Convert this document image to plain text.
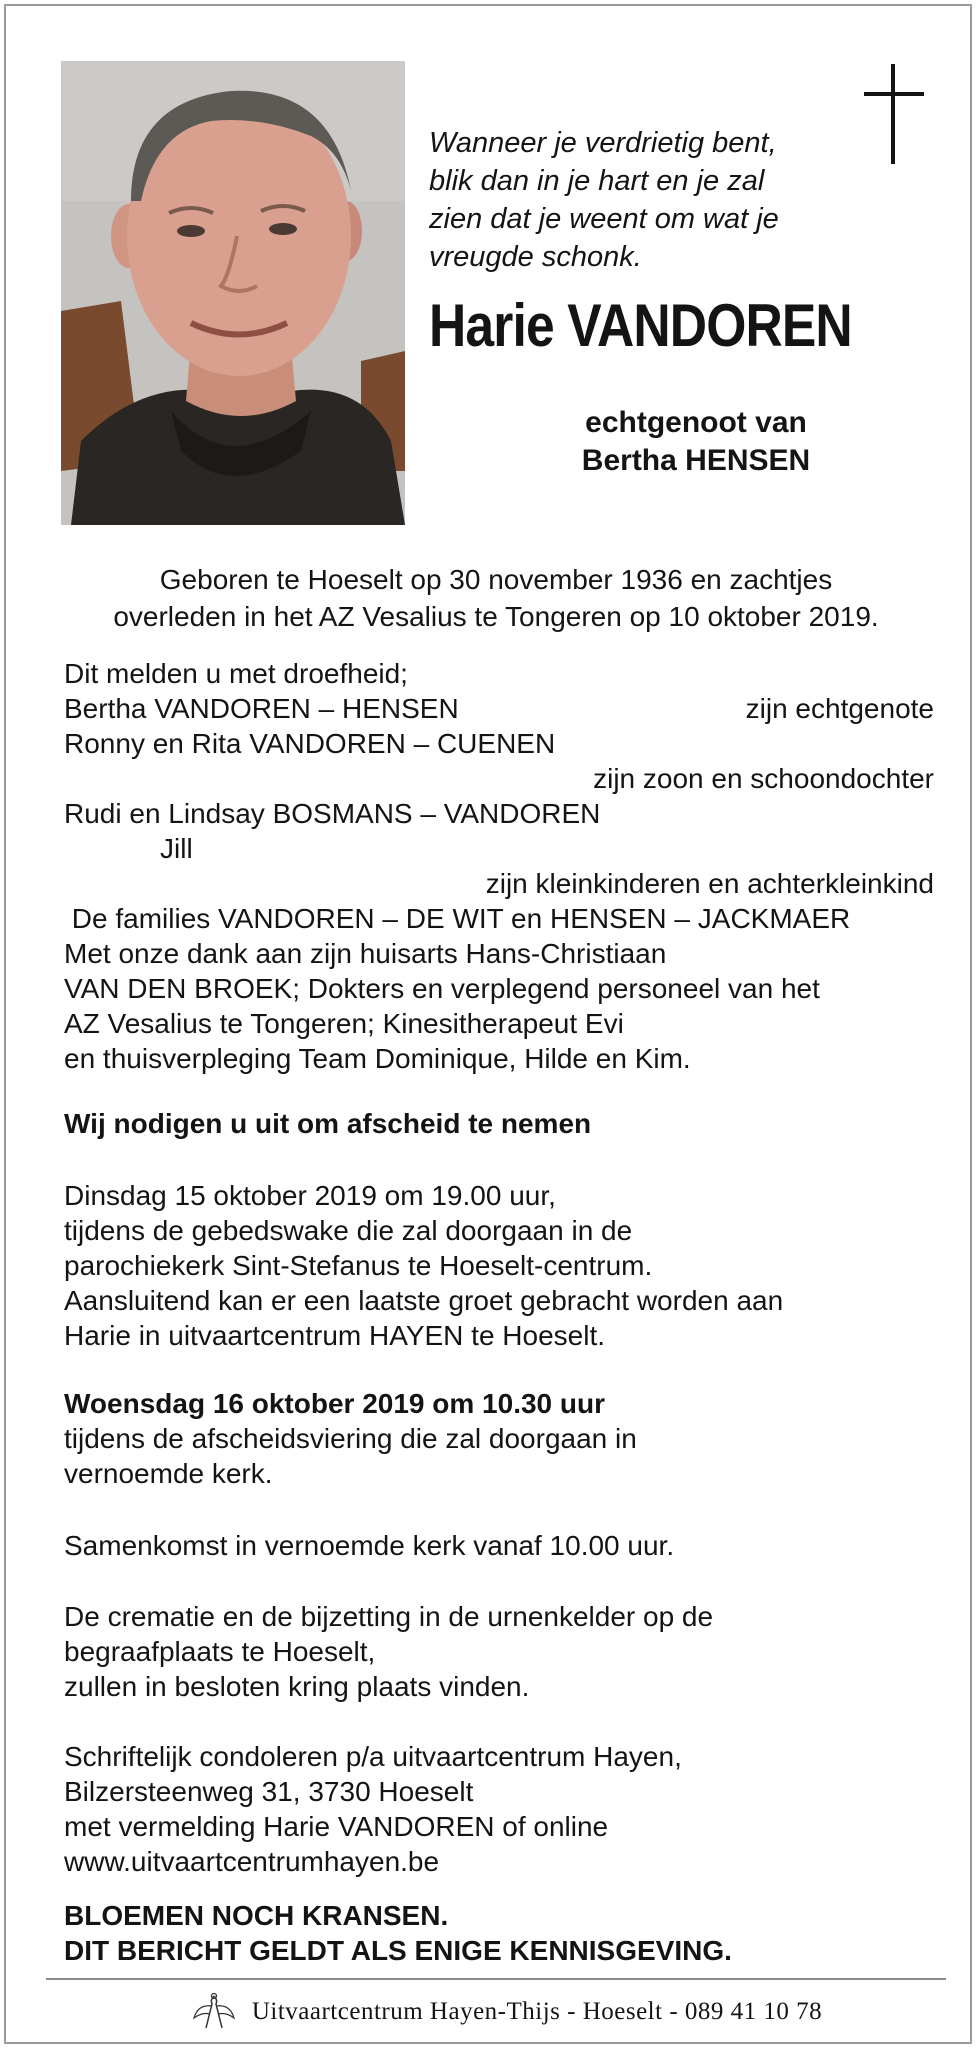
Wanneer je verdrietig bent,
blik dan in je hart en je zal
zien dat je weent om wat je
vreugde schonk.
Harie VANDOREN
echtgenoot van
Bertha HENSEN
Geboren te Hoeselt op 30 november 1936 en zachtjes
overleden in het AZ Vesalius te Tongeren op 10 oktober 2019.
Dit melden u met droefheid;
Bertha VANDOREN – HENSEN	zijn echtgenote
Ronny en Rita VANDOREN – CUENEN
zijn zoon en schoondochter
Rudi en Lindsay BOSMANS – VANDOREN
Jill
zijn kleinkinderen en achterkleinkind
De families VANDOREN – DE WIT en HENSEN – JACKMAER
Met onze dank aan zijn huisarts Hans-Christiaan
VAN DEN BROEK; Dokters en verplegend personeel van het
AZ Vesalius te Tongeren; Kinesitherapeut Evi
en thuisverpleging Team Dominique, Hilde en Kim.
Wij nodigen u uit om afscheid te nemen
Dinsdag 15 oktober 2019 om 19.00 uur,
tijdens de gebedswake die zal doorgaan in de
parochiekerk Sint-Stefanus te Hoeselt-centrum.
Aansluitend kan er een laatste groet gebracht worden aan
Harie in uitvaartcentrum HAYEN te Hoeselt.
Woensdag 16 oktober 2019 om 10.30 uur
tijdens de afscheidsviering die zal doorgaan in
vernoemde kerk.
Samenkomst in vernoemde kerk vanaf 10.00 uur.
De crematie en de bijzetting in de urnenkelder op de
begraafplaats te Hoeselt,
zullen in besloten kring plaats vinden.
Schriftelijk condoleren p/a uitvaartcentrum Hayen,
Bilzersteenweg 31, 3730 Hoeselt
met vermelding Harie VANDOREN of online
www.uitvaartcentrumhayen.be
BLOEMEN NOCH KRANSEN.
DIT BERICHT GELDT ALS ENIGE KENNISGEVING.
Uitvaartcentrum Hayen-Thijs - Hoeselt - 089 41 10 78
